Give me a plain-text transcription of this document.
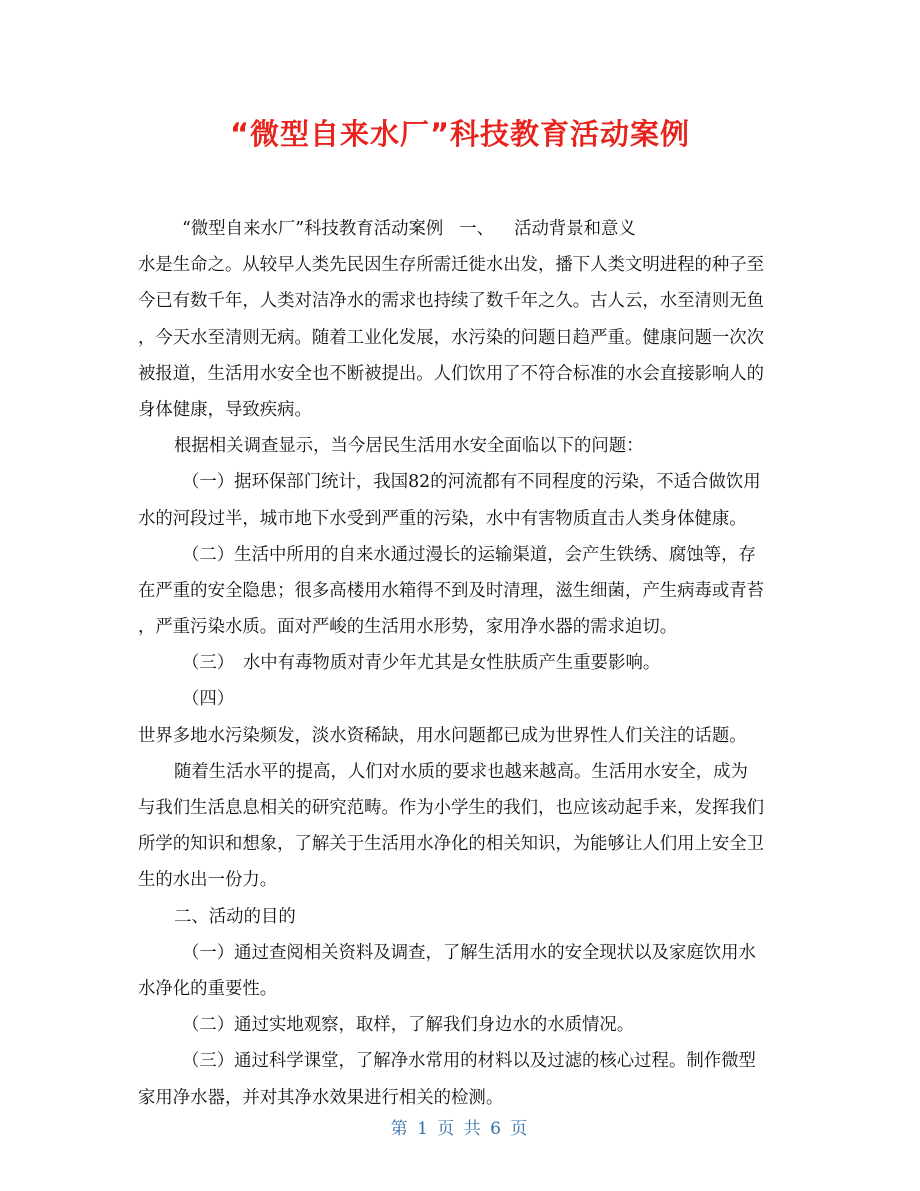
“微型自来水厂”科技教育活动案例
“微型自来水厂”科技教育活动案例 一、 活动背景和意义
水是生命之。从较早人类先民因生存所需迁徙水出发，播下人类文明进程的种子至
今已有数千年，人类对洁净水的需求也持续了数千年之久。古人云，水至清则无鱼
，今天水至清则无病。随着工业化发展，水污染的问题日趋严重。健康问题一次次
被报道，生活用水安全也不断被提出。人们饮用了不符合标准的水会直接影响人的
身体健康，导致疾病。
根据相关调查显示，当今居民生活用水安全面临以下的问题：
（一）据环保部门统计，我国82的河流都有不同程度的污染，不适合做饮用
水的河段过半，城市地下水受到严重的污染，水中有害物质直击人类身体健康。
（二）生活中所用的自来水通过漫长的运输渠道，会产生铁绣、腐蚀等，存
在严重的安全隐患；很多高楼用水箱得不到及时清理，滋生细菌，产生病毒或青苔
，严重污染水质。面对严峻的生活用水形势，家用净水器的需求迫切。
（三）　水中有毒物质对青少年尤其是女性肤质产生重要影响。
（四）
世界多地水污染频发，淡水资稀缺，用水问题都已成为世界性人们关注的话题。
随着生活水平的提高，人们对水质的要求也越来越高。生活用水安全，成为
与我们生活息息相关的研究范畴。作为小学生的我们，也应该动起手来，发挥我们
所学的知识和想象，了解关于生活用水净化的相关知识，为能够让人们用上安全卫
生的水出一份力。
二、活动的目的
（一）通过查阅相关资料及调查，了解生活用水的安全现状以及家庭饮用水
水净化的重要性。
（二）通过实地观察，取样，了解我们身边水的水质情况。
（三）通过科学课堂，了解净水常用的材料以及过滤的核心过程。制作微型
家用净水器，并对其净水效果进行相关的检测。
第 1 页 共 6 页
